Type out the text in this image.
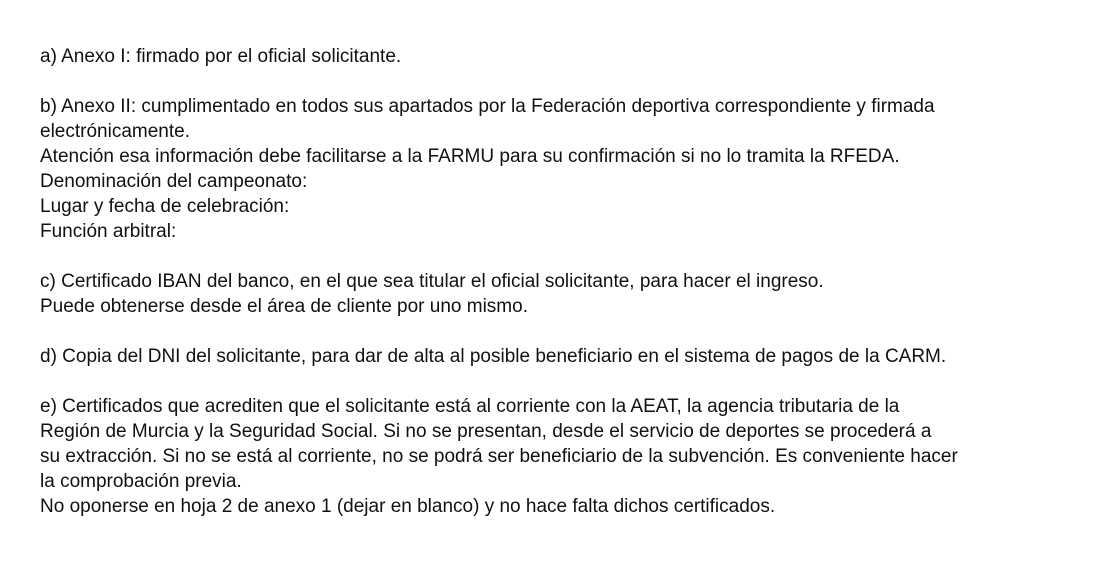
a) Anexo I: firmado por el oficial solicitante.
b) Anexo II: cumplimentado en todos sus apartados por la Federación deportiva correspondiente y firmada
electrónicamente.
Atención esa información debe facilitarse a la FARMU para su confirmación si no lo tramita la RFEDA.
Denominación del campeonato:
Lugar y fecha de celebración:
Función arbitral:
c) Certificado IBAN del banco, en el que sea titular el oficial solicitante, para hacer el ingreso.
Puede obtenerse desde el área de cliente por uno mismo.
d) Copia del DNI del solicitante, para dar de alta al posible beneficiario en el sistema de pagos de la CARM.
e) Certificados que acrediten que el solicitante está al corriente con la AEAT, la agencia tributaria de la
Región de Murcia y la Seguridad Social. Si no se presentan, desde el servicio de deportes se procederá a
su extracción. Si no se está al corriente, no se podrá ser beneficiario de la subvención. Es conveniente hacer
la comprobación previa.
No oponerse en hoja 2 de anexo 1 (dejar en blanco) y no hace falta dichos certificados.
